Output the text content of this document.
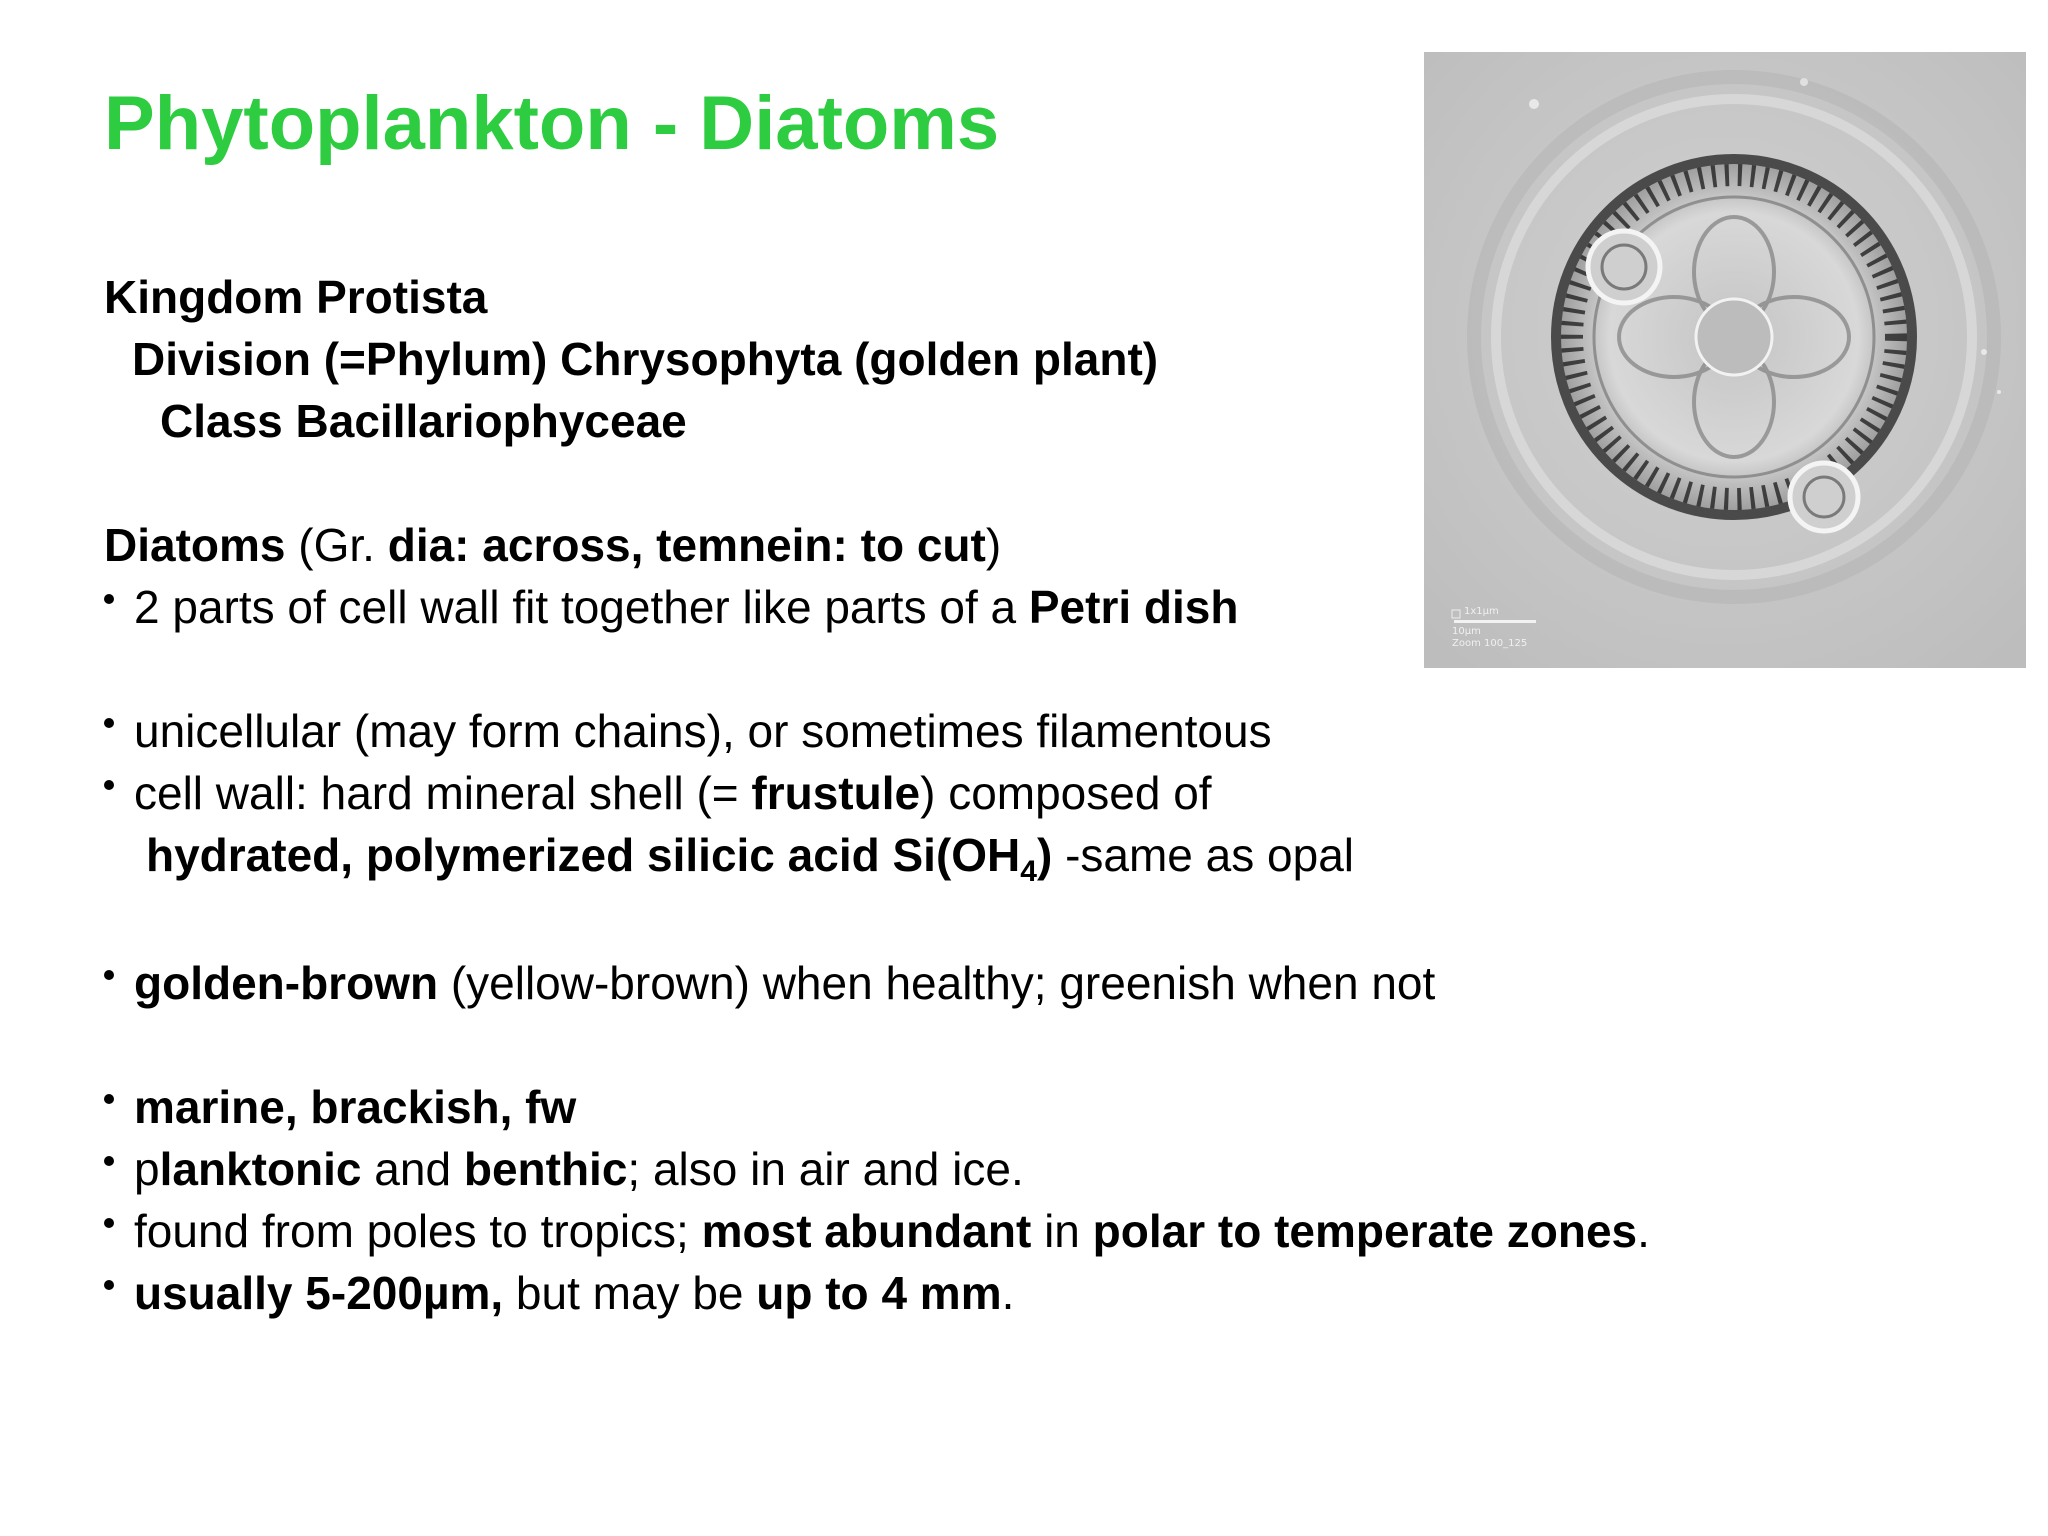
Phytoplankton - Diatoms
Kingdom Protista
Division (=Phylum) Chrysophyta (golden plant)
Class Bacillariophyceae
Diatoms (Gr. dia: across, temnein: to cut)
2 parts of cell wall fit together like parts of a Petri dish
unicellular (may form chains), or sometimes filamentous
cell wall: hard mineral shell (= frustule) composed of
hydrated, polymerized silicic acid $Si(OH_4)$ -same as opal
golden-brown (yellow-brown) when healthy; greenish when not
marine, brackish, fw
planktonic and benthic; also in air and ice.
found from poles to tropics; most abundant in polar to temperate zones.
usually 5-200µm, but may be up to 4 mm.
1x1µm
10µm
Zoom 100_125
